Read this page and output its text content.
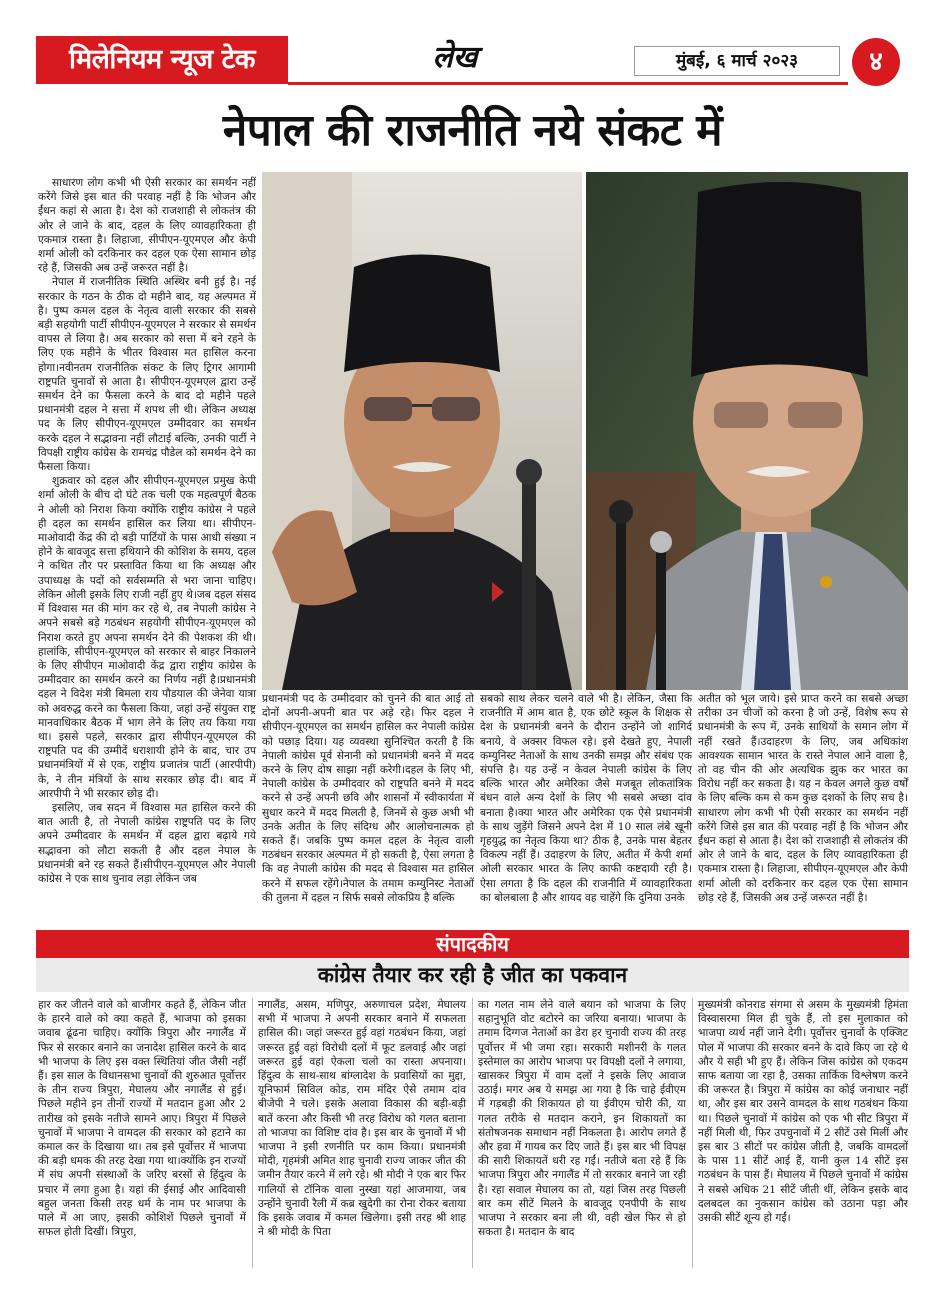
मिलेनियम न्यूज टेक	लेख	मुंबई, ६ मार्च २०२३	४
नेपाल की राजनीति नये संकट में

साधारण लोग कभी भी ऐसी सरकार का समर्थन नहीं करेंगे जिसे इस बात की परवाह नहीं है कि भोजन और ईंधन कहां से आता है। देश को राजशाही से लोकतंत्र की ओर ले जाने के बाद, दहल के लिए व्यावहारिकता ही एकमात्र रास्ता है। लिहाजा, सीपीएन-यूएमएल और केपी शर्मा ओली को दरकिनार कर दहल एक ऐसा सामान छोड़ रहे हैं, जिसकी अब उन्हें जरूरत नहीं है।

नेपाल में राजनीतिक स्थिति अस्थिर बनी हुई है। नई सरकार के गठन के ठीक दो महीने बाद, यह अल्पमत में है। पुष्प कमल दहल के नेतृत्व वाली सरकार की सबसे बड़ी सहयोगी पार्टी सीपीएन-यूएमएल ने सरकार से समर्थन वापस ले लिया है। अब सरकार को सत्ता में बने रहने के लिए एक महीने के भीतर विश्वास मत हासिल करना होगा।नवीनतम राजनीतिक संकट के लिए ट्रिगर आगामी राष्ट्रपति चुनावों से आता है। सीपीएन-यूएमएल द्वारा उन्हें समर्थन देने का फैसला करने के बाद दो महीने पहले प्रधानमंत्री दहल ने सत्ता में शपथ ली थी। लेकिन अध्यक्ष पद के लिए सीपीएन-यूएमएल उम्मीदवार का समर्थन करके दहल ने सद्भावना नहीं लौटाई बल्कि, उनकी पार्टी ने विपक्षी राष्ट्रीय कांग्रेस के रामचंद्र पौडेल को समर्थन देने का फैसला किया।

शुक्रवार को दहल और सीपीएन-यूएमएल प्रमुख केपी शर्मा ओली के बीच दो घंटे तक चली एक महत्वपूर्ण बैठक ने ओली को निराश किया क्योंकि राष्ट्रीय कांग्रेस ने पहले ही दहल का समर्थन हासिल कर लिया था। सीपीएन-माओवादी केंद्र की दो बड़ी पार्टियों के पास आधी संख्या न होने के बावजूद सत्ता हथियाने की कोशिश के समय, दहल ने कथित तौर पर प्रस्तावित किया था कि अध्यक्ष और उपाध्यक्ष के पदों को सर्वसम्मति से भरा जाना चाहिए। लेकिन ओली इसके लिए राजी नहीं हुए थे।जब दहल संसद में विश्वास मत की मांग कर रहे थे, तब नेपाली कांग्रेस ने अपने सबसे बड़े गठबंधन सहयोगी सीपीएन-यूएमएल को निराश करते हुए अपना समर्थन देने की पेशकश की थी। हालांकि, सीपीएन-यूएमएल को सरकार से बाहर निकालने के लिए सीपीएन माओवादी केंद्र द्वारा राष्ट्रीय कांग्रेस के उम्मीदवार का समर्थन करने का निर्णय नहीं है।प्रधानमंत्री दहल ने विदेश मंत्री बिमला राय पौडयाल की जेनेवा यात्रा को अवरुद्ध करने का फैसला किया, जहां उन्हें संयुक्त राष्ट्र मानवाधिकार बैठक में भाग लेने के लिए तय किया गया था। इससे पहले, सरकार द्वारा सीपीएन-यूएमएल की राष्ट्रपति पद की उम्मीदें धराशायी होने के बाद, चार उप प्रधानमंत्रियों में से एक, राष्ट्रीय प्रजातंत्र पार्टी (आरपीपी) के, ने तीन मंत्रियों के साथ सरकार छोड़ दी। बाद में आरपीपी ने भी सरकार छोड़ दी।

इसलिए, जब सदन में विश्वास मत हासिल करने की बात आती है, तो नेपाली कांग्रेस राष्ट्रपति पद के लिए अपने उम्मीदवार के समर्थन में दहल द्वारा बढ़ाये गये सद्भावना को लौटा सकती है और दहल नेपाल के प्रधानमंत्री बने रह सकते हैं।सीपीएन-यूएमएल और नेपाली कांग्रेस ने एक साथ चुनाव लड़ा लेकिन जब

प्रधानमंत्री पद के उम्मीदवार को चुनने की बात आई तो दोनों अपनी-अपनी बात पर अड़े रहे। फिर दहल ने सीपीएन-यूएमएल का समर्थन हासिल कर नेपाली कांग्रेस को पछाड़ दिया। यह व्यवस्था सुनिश्चित करती है कि नेपाली कांग्रेस पूर्व सेनानी को प्रधानमंत्री बनने में मदद करने के लिए दोष साझा नहीं करेगी।दहल के लिए भी, नेपाली कांग्रेस के उम्मीदवार को राष्ट्रपति बनने में मदद करने से उन्हें अपनी छवि और शासनों में स्वीकार्यता में सुधार करने में मदद मिलती है, जिनमें से कुछ अभी भी उनके अतीत के लिए संदिग्ध और आलोचनात्मक हो सकते हैं। जबकि पुष्प कमल दहल के नेतृत्व वाली गठबंधन सरकार अल्पमत में हो सकती है, ऐसा लगता है कि वह नेपाली कांग्रेस की मदद से विश्वास मत हासिल करने में सफल रहेंगे।नेपाल के तमाम कम्युनिस्ट नेताओं की तुलना में दहल न सिर्फ सबसे लोकप्रिय है बल्कि
सबको साथ लेकर चलने वाले भी है। लेकिन, जैसा कि राजनीति में आम बात है, एक छोटे स्कूल के शिक्षक से देश के प्रधानमंत्री बनने के दौरान उन्होंने जो शागिर्द बनाये, वे अक्सर विफल रहे। इसे देखते हुए, नेपाली कम्युनिस्ट नेताओं के साथ उनकी समझ और संबंध एक संपत्ति है। यह उन्हें न केवल नेपाली कांग्रेस के लिए बल्कि भारत और अमेरिका जैसे मजबूत लोकतांत्रिक बंधन वाले अन्य देशों के लिए भी सबसे अच्छा दांव बनाता है।क्या भारत और अमेरिका एक ऐसे प्रधानमंत्री के साथ जुड़ेंगे जिसने अपने देश में 10 साल लंबे खूनी गृहयुद्ध का नेतृत्व किया था? ठीक है, उनके पास बेहतर विकल्प नहीं हैं। उदाहरण के लिए, अतीत में केपी शर्मा ओली सरकार भारत के लिए काफी कष्टदायी रही है। ऐसा लगता है कि दहल की राजनीति में व्यावहारिकता का बोलबाला है और शायद वह चाहेंगे कि दुनिया उनके
अतीत को भूल जाये। इसे प्राप्त करने का सबसे अच्छा तरीका उन चीजों को करना है जो उन्हें, विशेष रूप से प्रधानमंत्री के रूप में, उनके साथियों के समान लोग में नहीं रखते हैं।उदाहरण के लिए, जब अधिकांश आवश्यक सामान भारत के रास्ते नेपाल आने वाला है, तो वह चीन की ओर अत्यधिक झुक कर भारत का विरोध नहीं कर सकता है। यह न केवल अगले कुछ वर्षों के लिए बल्कि कम से कम कुछ दशकों के लिए सच है। साधारण लोग कभी भी ऐसी सरकार का समर्थन नहीं करेंगे जिसे इस बात की परवाह नहीं है कि भोजन और ईंधन कहां से आता है। देश को राजशाही से लोकतंत्र की ओर ले जाने के बाद, दहल के लिए व्यावहारिकता ही एकमात्र रास्ता है। लिहाजा, सीपीएन-यूएमएल और केपी शर्मा ओली को दरकिनार कर दहल एक ऐसा सामान छोड़ रहे हैं, जिसकी अब उन्हें जरूरत नहीं है।
संपादकीय
कांग्रेस तैयार कर रही है जीत का पकवान
हार कर जीतने वाले को बाजीगर कहते हैं, लेकिन जीत के हारने वाले को क्या कहते हैं, भाजपा को इसका जवाब ढूंढना चाहिए। क्योंकि त्रिपुरा और नगालैंड में फिर से सरकार बनाने का जनादेश हासिल करने के बाद भी भाजपा के लिए इस वक्त स्थितियां जीत जैसी नहीं हैं। इस साल के विधानसभा चुनावों की शुरुआत पूर्वोत्तर के तीन राज्य त्रिपुरा, मेघालय और नगालैंड से हुई। पिछले महीने इन तीनों राज्यों में मतदान हुआ और 2 तारीख को इसके नतीजे सामने आए। त्रिपुरा में पिछले चुनावों में भाजपा ने वामदल की सरकार को हटाने का कमाल कर के दिखाया था। तब इसे पूर्वोत्तर में भाजपा की बड़ी धमक की तरह देखा गया था।क्योंकि इन राज्यों में संघ अपनी संस्थाओं के जरिए बरसों से हिंदुत्व के प्रचार में लगा हुआ है। यहां की ईसाई और आदिवासी बहुल जनता किसी तरह धर्म के नाम पर भाजपा के पाले में आ जाए, इसकी कोशिशें पिछले चुनावों में सफल होती दिखीं। त्रिपुरा,
नगालैंड, असम, मणिपुर, अरुणाचल प्रदेश, मेघालय सभी में भाजपा ने अपनी सरकार बनाने में सफलता हासिल की। जहां जरूरत हुई वहां गठबंधन किया, जहां जरूरत हुई वहां विरोधी दलों में फूट डलवाई और जहां जरूरत हुई वहां ऐकला चलो का रास्ता अपनाया। हिंदुत्व के साथ-साथ बांग्लादेश के प्रवासियों का मुद्दा, यूनिफार्म सिविल कोड, राम मंदिर ऐसे तमाम दांव बीजेपी ने चले। इसके अलावा विकास की बड़ी-बड़ी बातें करना और किसी भी तरह विरोध को गलत बताना तो भाजपा का विशिष्ट दांव है। इस बार के चुनावों में भी भाजपा ने इसी रणनीति पर काम किया। प्रधानमंत्री मोदी, गृहमंत्री अमित शाह चुनावी राज्य जाकर जीत की जमीन तैयार करने में लगे रहे। श्री मोदी ने एक बार फिर गालियों से टॉनिक वाला नुस्खा यहां आजमाया, जब उन्होंने चुनावी रैली में कब्र खुदेगी का रोना रोकर बताया कि इसके जवाब में कमल खिलेगा। इसी तरह श्री शाह ने श्री मोदी के पिता
का गलत नाम लेने वाले बयान को भाजपा के लिए सहानुभूति वोट बटोरने का जरिया बनाया। भाजपा के तमाम दिग्गज नेताओं का डेरा हर चुनावी राज्य की तरह पूर्वोत्तर में भी जमा रहा। सरकारी मशीनरी के गलत इस्तेमाल का आरोप भाजपा पर विपक्षी दलों ने लगाया, खासकर त्रिपुरा में वाम दलों ने इसके लिए आवाज उठाई। मगर अब ये समझ आ गया है कि चाहे ईवीएम में गड़बड़ी की शिकायत हो या ईवीएम चोरी की, या गलत तरीके से मतदान कराने, इन शिकायतों का संतोषजनक समाधान नहीं निकलता है। आरोप लगते हैं और हवा में गायब कर दिए जाते हैं। इस बार भी विपक्ष की सारी शिकायतें धरी रह गईं। नतीजे बता रहे हैं कि भाजपा त्रिपुरा और नगालैंड में तो सरकार बनाने जा रही है। रहा सवाल मेघालय का तो, यहां जिस तरह पिछली बार कम सीटें मिलने के बावजूद एनपीपी के साथ भाजपा ने सरकार बना ली थी, वही खेल फिर से हो सकता है। मतदान के बाद
मुख्यमंत्री कोनराड संगमा से असम के मुख्यमंत्री हिमंता विस्वासरमा मिल ही चुके हैं, तो इस मुलाकात को भाजपा व्यर्थ नहीं जाने देगी। पूर्वोत्तर चुनावों के एक्जिट पोल में भाजपा की सरकार बनने के दावे किए जा रहे थे और ये सही भी हुए हैं। लेकिन जिस कांग्रेस को एकदम साफ बताया जा रहा है, उसका तार्किक विश्लेषण करने की जरूरत है। त्रिपुरा में कांग्रेस का कोई जनाधार नहीं था, और इस बार उसने वामदल के साथ गठबंधन किया था। पिछले चुनावों में कांग्रेस को एक भी सीट त्रिपुरा में नहीं मिली थी, फिर उपचुनावों में 2 सीटें उसे मिलीं और इस बार 3 सीटों पर कांग्रेस जीती है, जबकि वामदलों के पास 11 सीटें आई हैं, यानी कुल 14 सीटें इस गठबंधन के पास हैं। मेघालय में पिछले चुनावों में कांग्रेस ने सबसे अधिक 21 सीटें जीती थीं, लेकिन इसके बाद दलबदल का नुकसान कांग्रेस को उठाना पड़ा और उसकी सीटें शून्य हो गईं।
